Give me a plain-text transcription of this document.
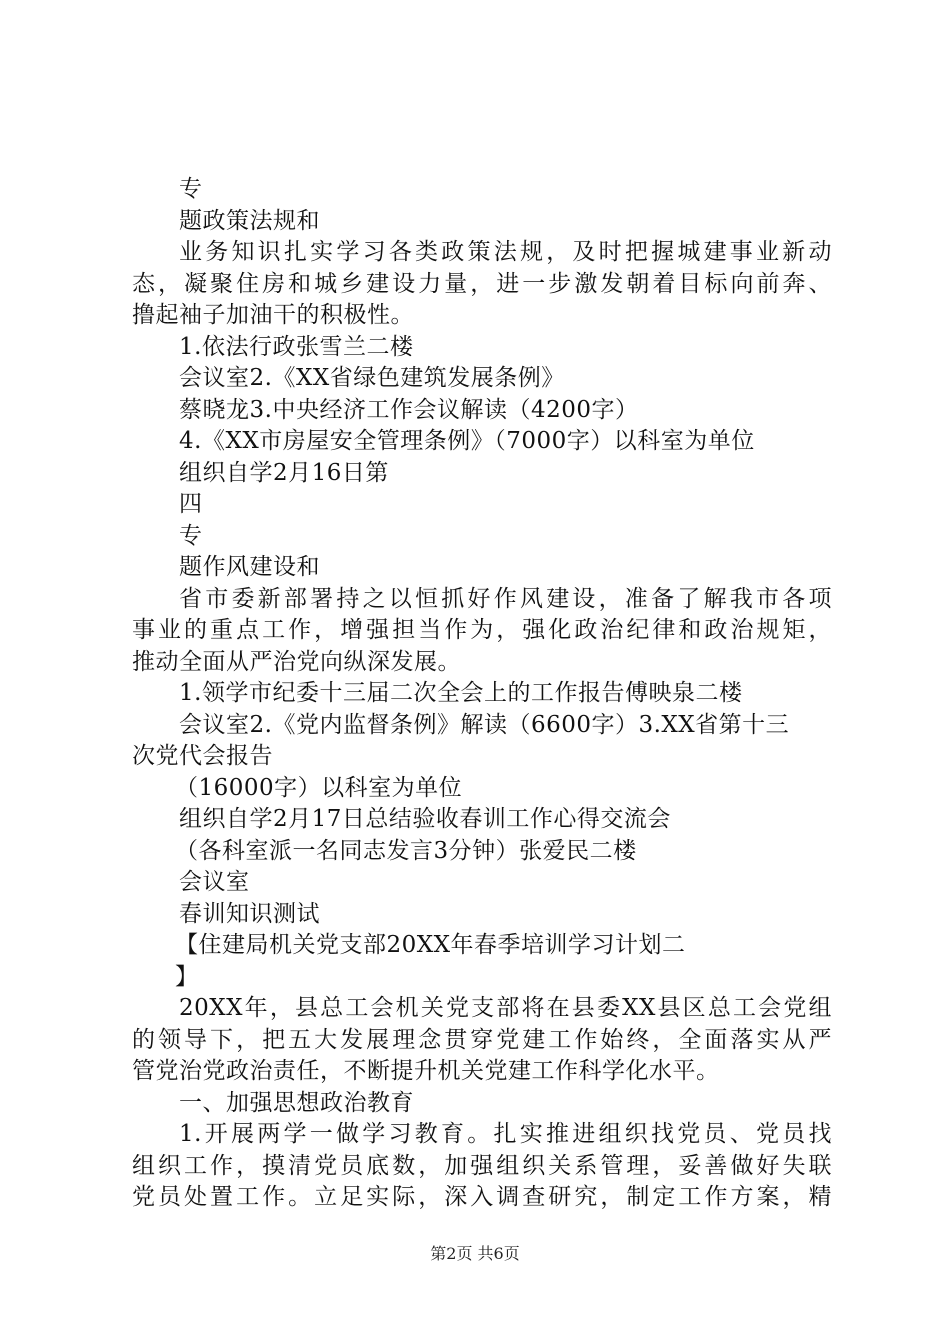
专
题政策法规和
业务知识扎实学习各类政策法规，及时把握城建事业新动
态，凝聚住房和城乡建设力量，进一步激发朝着目标向前奔、
撸起袖子加油干的积极性。
1.依法行政张雪兰二楼
会议室2.《XX省绿色建筑发展条例》
蔡晓龙3.中央经济工作会议解读（4200字）
4.《XX市房屋安全管理条例》（7000字）以科室为单位
组织自学2月16日第
四
专
题作风建设和
省市委新部署持之以恒抓好作风建设，准备了解我市各项
事业的重点工作，增强担当作为，强化政治纪律和政治规矩，
推动全面从严治党向纵深发展。
1.领学市纪委十三届二次全会上的工作报告傅映泉二楼
会议室2.《党内监督条例》解读（6600字）3.XX省第十三
次党代会报告
（16000字）以科室为单位
组织自学2月17日总结验收春训工作心得交流会
（各科室派一名同志发言3分钟）张爱民二楼
会议室
春训知识测试
【住建局机关党支部20XX年春季培训学习计划二
】
20XX年，县总工会机关党支部将在县委XX县区总工会党组
的领导下，把五大发展理念贯穿党建工作始终，全面落实从严
管党治党政治责任，不断提升机关党建工作科学化水平。
一、加强思想政治教育
1.开展两学一做学习教育。扎实推进组织找党员、党员找
组织工作，摸清党员底数，加强组织关系管理，妥善做好失联
党员处置工作。立足实际，深入调查研究，制定工作方案，精
第2页 共6页
